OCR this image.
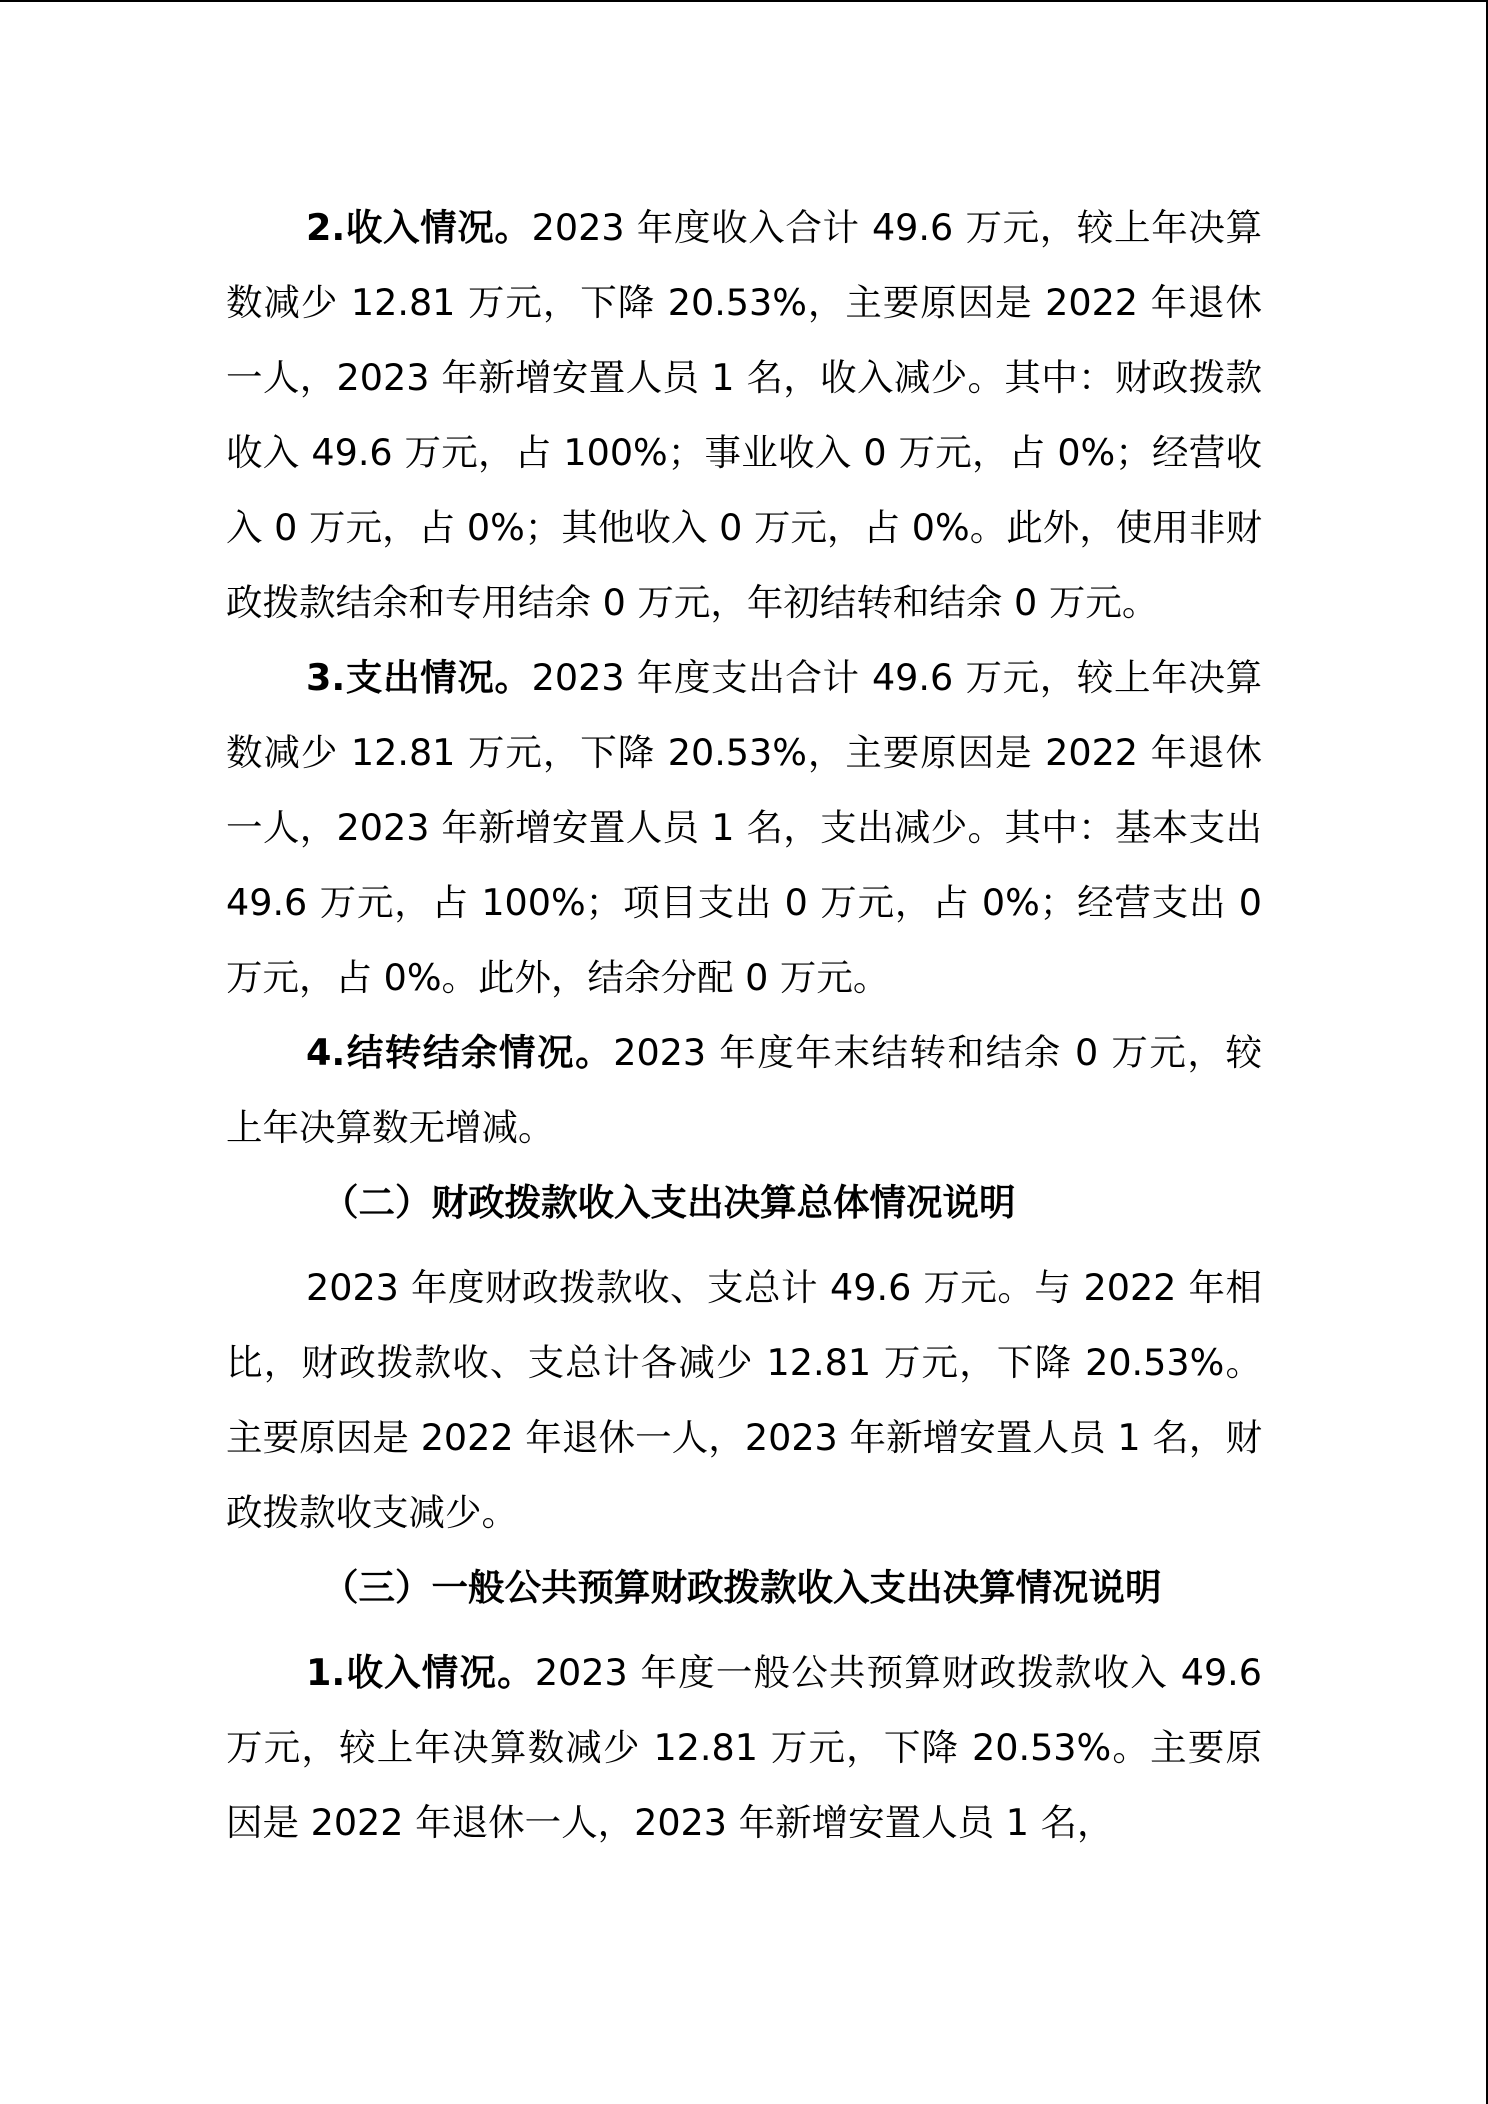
2.收入情况。2023 年度收入合计 49.6 万元，较上年决算数减少 12.81 万元，下降 20.53%，主要原因是 2022 年退休一人，2023 年新增安置人员 1 名，收入减少。其中：财政拨款收入 49.6 万元，占 100%；事业收入 0 万元，占 0%；经营收入 0 万元，占 0%；其他收入 0 万元，占 0%。此外，使用非财政拨款结余和专用结余 0 万元，年初结转和结余 0 万元。

3.支出情况。2023 年度支出合计 49.6 万元，较上年决算数减少 12.81 万元，下降 20.53%，主要原因是 2022 年退休一人，2023 年新增安置人员 1 名，支出减少。其中：基本支出 49.6 万元，占 100%；项目支出 0 万元，占 0%；经营支出 0 万元，占 0%。此外，结余分配 0 万元。

4.结转结余情况。2023 年度年末结转和结余 0 万元，较上年决算数无增减。

（二）财政拨款收入支出决算总体情况说明

2023 年度财政拨款收、支总计 49.6 万元。与 2022 年相比，财政拨款收、支总计各减少 12.81 万元，下降 20.53%。主要原因是 2022 年退休一人，2023 年新增安置人员 1 名，财政拨款收支减少。

（三）一般公共预算财政拨款收入支出决算情况说明

1.收入情况。2023 年度一般公共预算财政拨款收入 49.6 万元，较上年决算数减少 12.81 万元，下降 20.53%。主要原因是 2022 年退休一人，2023 年新增安置人员 1 名，
